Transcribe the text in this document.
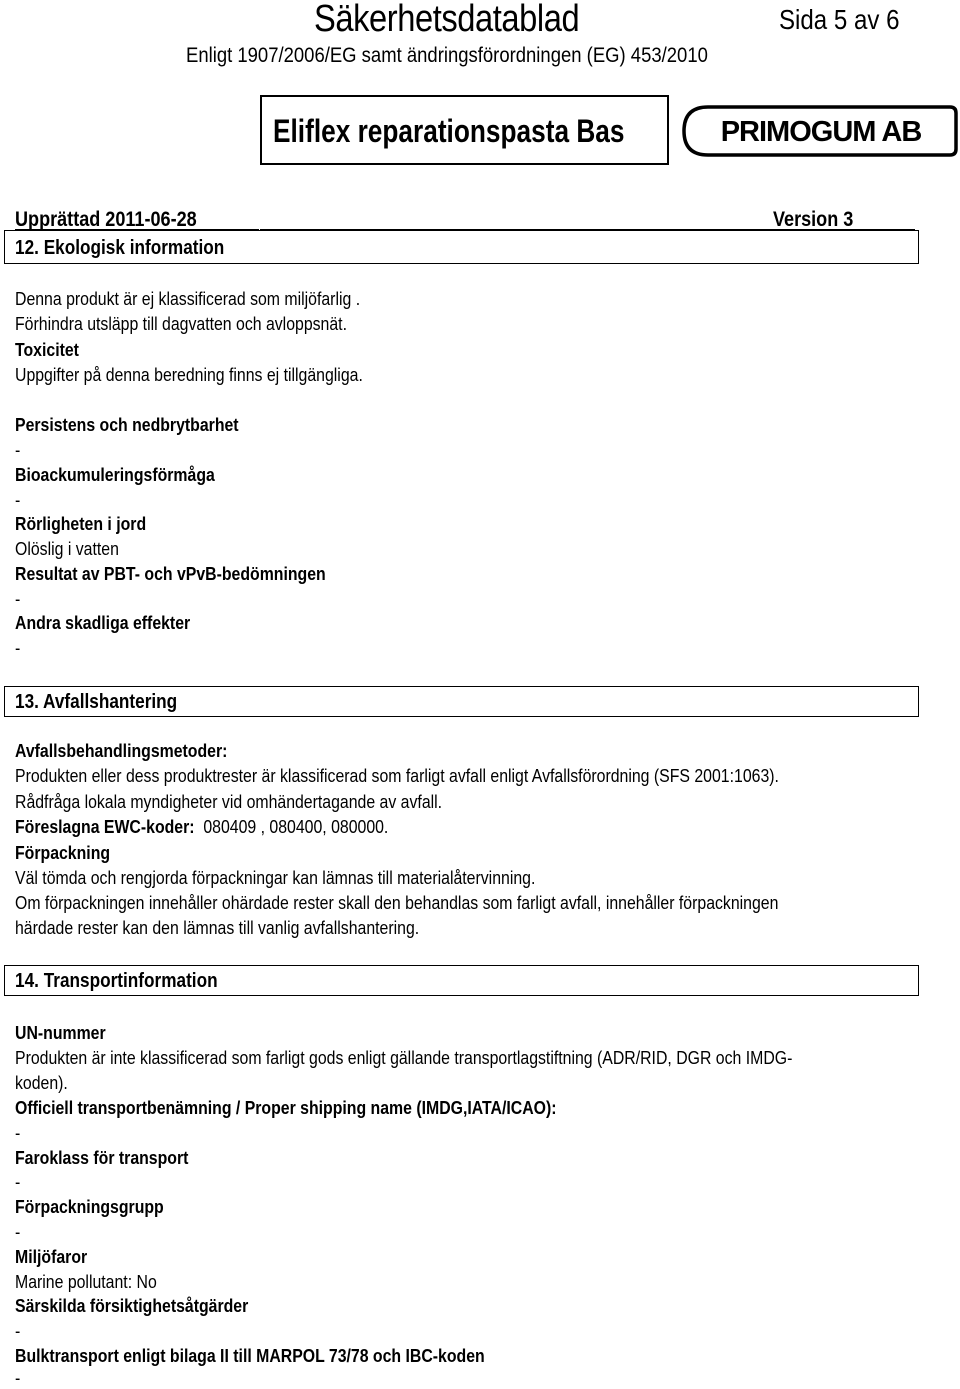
Säkerhetsdatablad	Sida 5 av 6
Enligt 1907/2006/EG samt ändringsförordningen (EG) 453/2010
Eliflex reparationspasta Bas	PRIMOGUM AB
Upprättad 2011-06-28	Version 3
12. Ekologisk information
Denna produkt är ej klassificerad som miljöfarlig .
Förhindra utsläpp till dagvatten och avloppsnät.
Toxicitet
Uppgifter på denna beredning finns ej tillgängliga.
Persistens och nedbrytbarhet
-
Bioackumuleringsförmåga
-
Rörligheten i jord
Olöslig i vatten
Resultat av PBT- och vPvB-bedömningen
-
Andra skadliga effekter
-
13. Avfallshantering
Avfallsbehandlingsmetoder:
Produkten eller dess produktrester är klassificerad som farligt avfall enligt Avfallsförordning (SFS 2001:1063).
Rådfråga lokala myndigheter vid omhändertagande av avfall.
Föreslagna EWC-koder: 080409 , 080400, 080000.
Förpackning
Väl tömda och rengjorda förpackningar kan lämnas till materialåtervinning.
Om förpackningen innehåller ohärdade rester skall den behandlas som farligt avfall, innehåller förpackningen
härdade rester kan den lämnas till vanlig avfallshantering.
14. Transportinformation
UN-nummer
Produkten är inte klassificerad som farligt gods enligt gällande transportlagstiftning (ADR/RID, DGR och IMDG-
koden).
Officiell transportbenämning / Proper shipping name (IMDG,IATA/ICAO):
-
Faroklass för transport
-
Förpackningsgrupp
-
Miljöfaror
Marine pollutant: No
Särskilda försiktighetsåtgärder
-
Bulktransport enligt bilaga II till MARPOL 73/78 och IBC-koden
-
